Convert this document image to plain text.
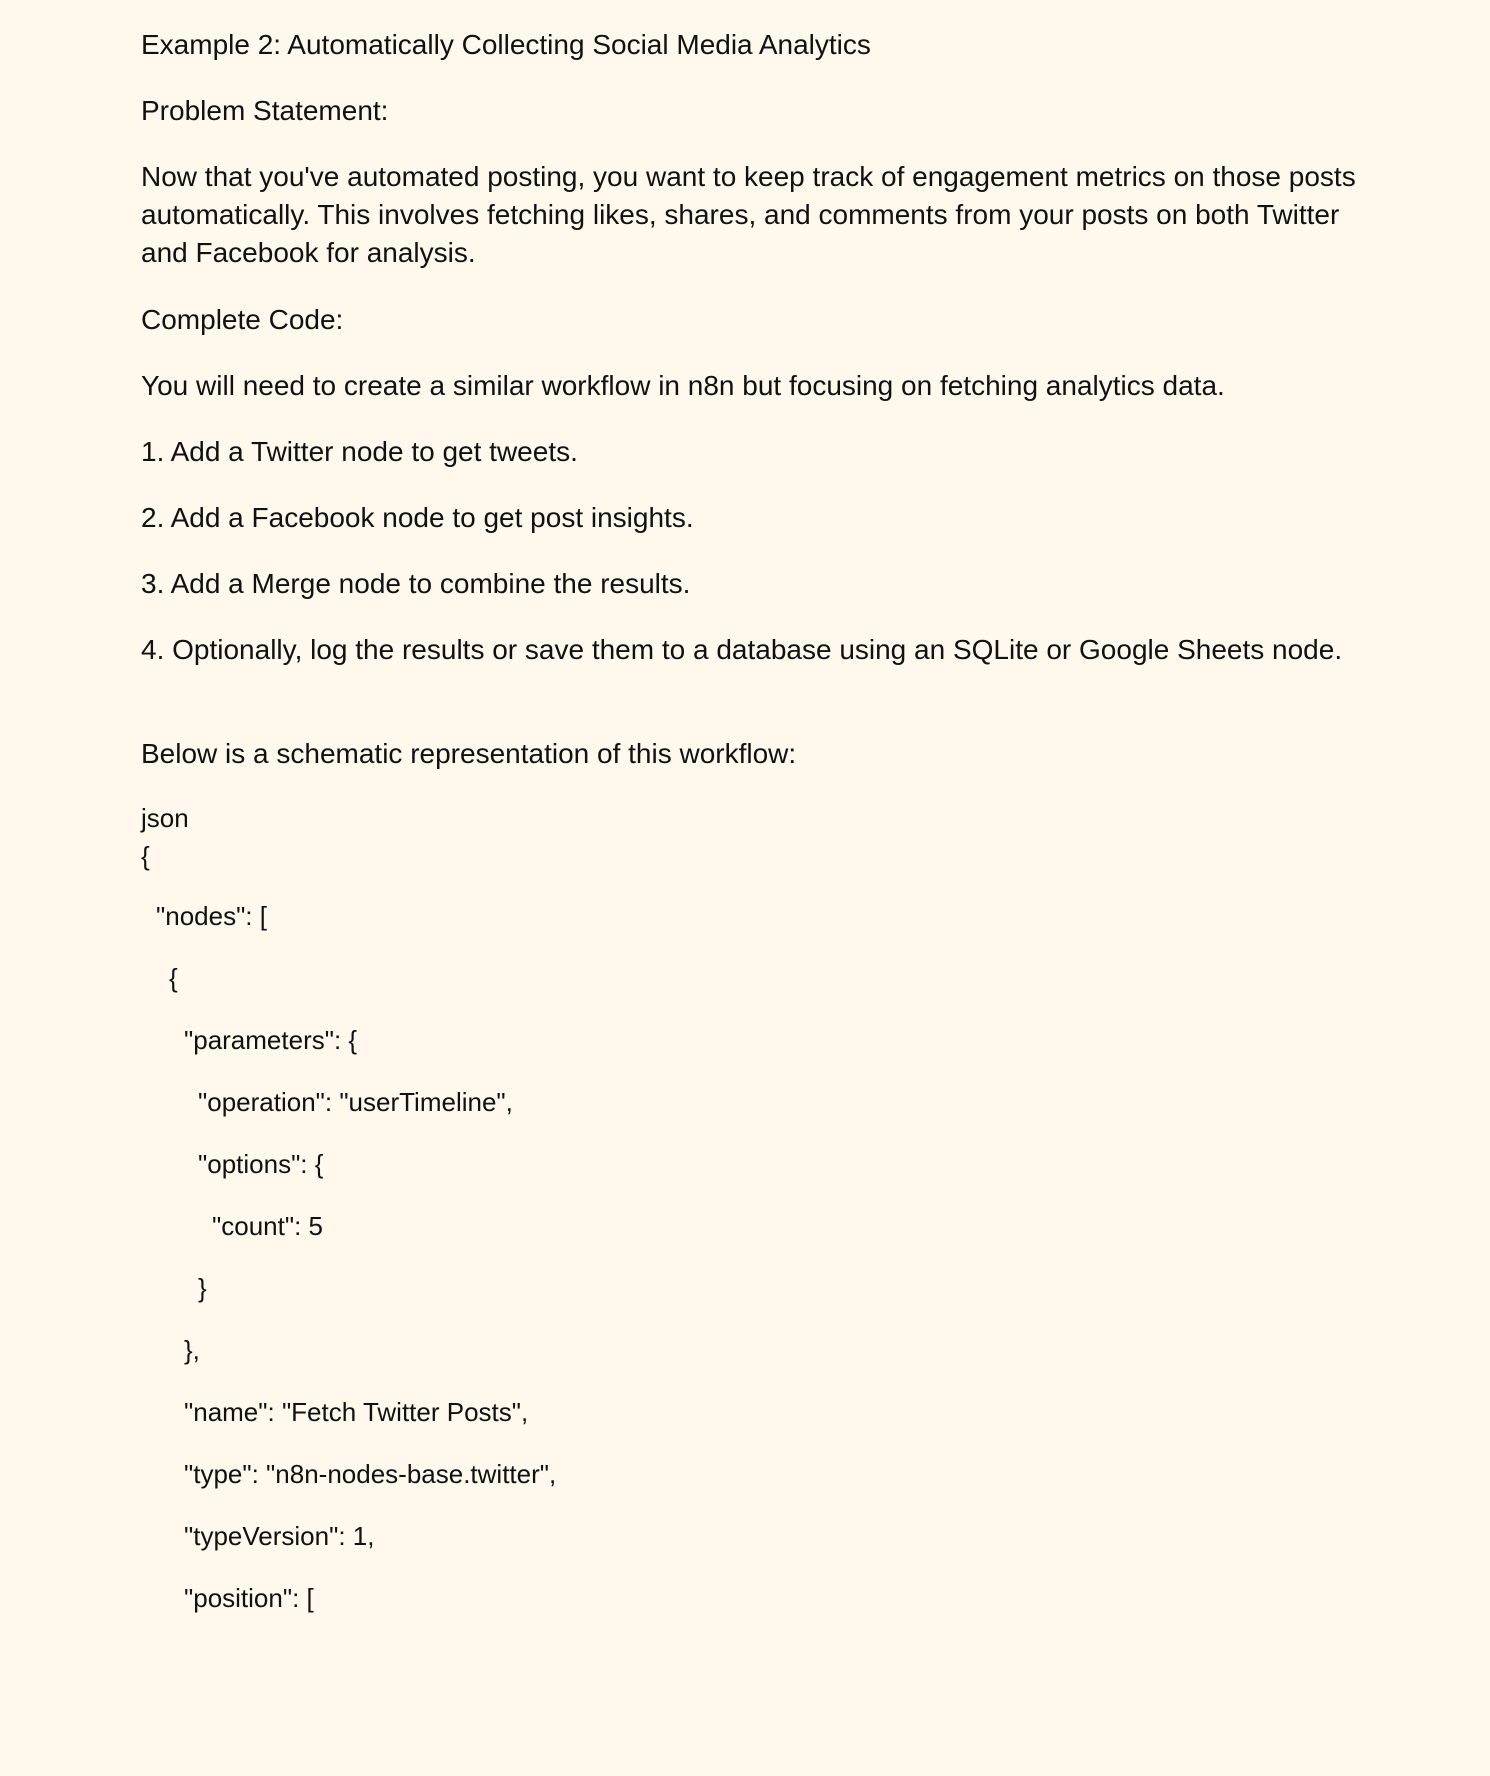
Example 2: Automatically Collecting Social Media Analytics

Problem Statement:

Now that you've automated posting, you want to keep track of engagement metrics on those posts automatically. This involves fetching likes, shares, and comments from your posts on both Twitter and Facebook for analysis.

Complete Code:

You will need to create a similar workflow in n8n but focusing on fetching analytics data.

1. Add a Twitter node to get tweets.

2. Add a Facebook node to get post insights.

3. Add a Merge node to combine the results.

4. Optionally, log the results or save them to a database using an SQLite or Google Sheets node.

Below is a schematic representation of this workflow:

json

{

"nodes": [

{

"parameters": {

"operation": "userTimeline",

"options": {

"count": 5

}

},

"name": "Fetch Twitter Posts",

"type": "n8n-nodes-base.twitter",

"typeVersion": 1,

"position": [
